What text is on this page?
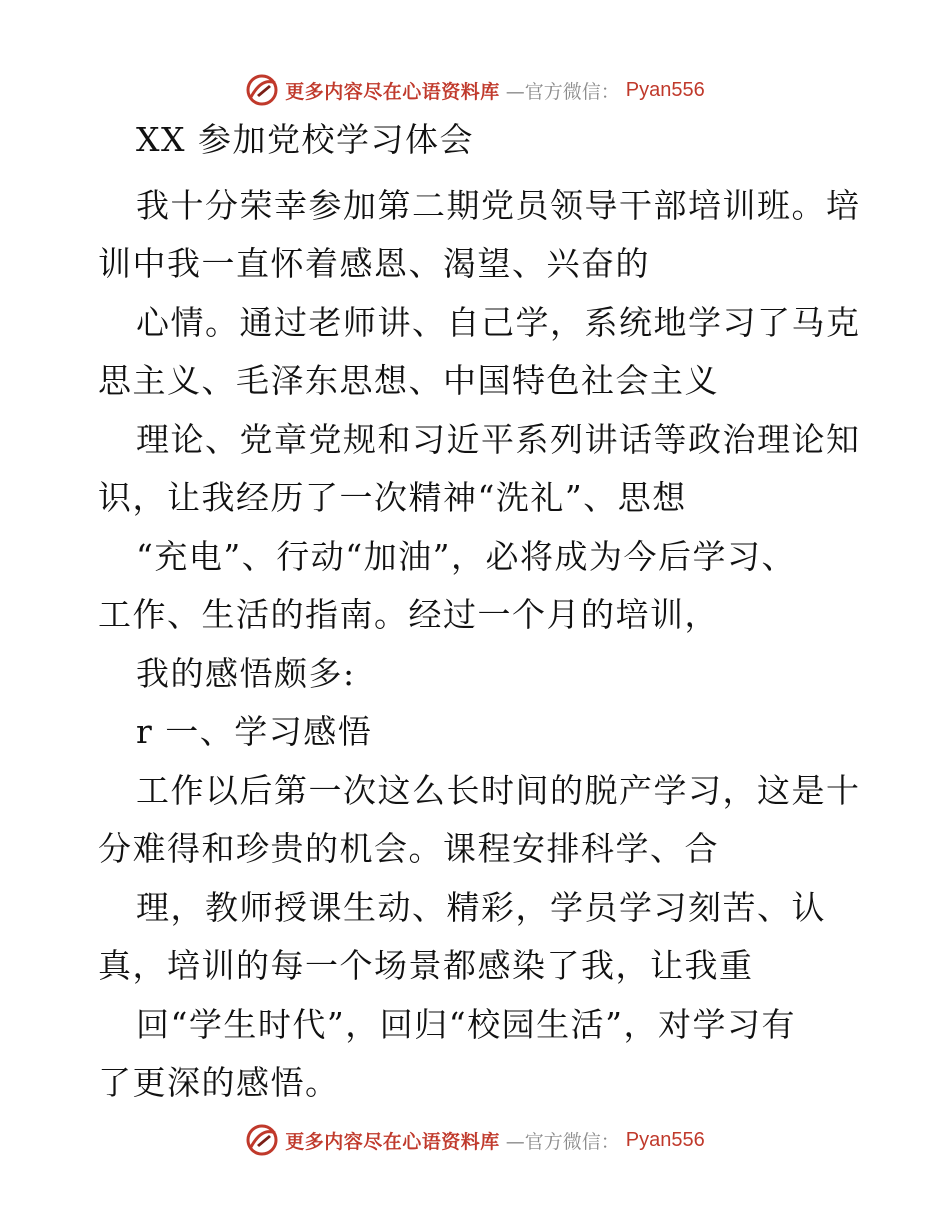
更多内容尽在心语资料库 —官方微信： Pyan556
XX 参加党校学习体会
我十分荣幸参加第二期党员领导干部培训班。培
训中我一直怀着感恩、渴望、兴奋的
心情。通过老师讲、自己学，系统地学习了马克
思主义、毛泽东思想、中国特色社会主义
理论、党章党规和习近平系列讲话等政治理论知
识，让我经历了一次精神“洗礼”、思想
“充电”、行动“加油”，必将成为今后学习、
工作、生活的指南。经过一个月的培训，
我的感悟颇多:
r 一、学习感悟
工作以后第一次这么长时间的脱产学习，这是十
分难得和珍贵的机会。课程安排科学、合
理，教师授课生动、精彩，学员学习刻苦、认
真，培训的每一个场景都感染了我，让我重
回“学生时代”，回归“校园生活”，对学习有
了更深的感悟。
更多内容尽在心语资料库 —官方微信： Pyan556
